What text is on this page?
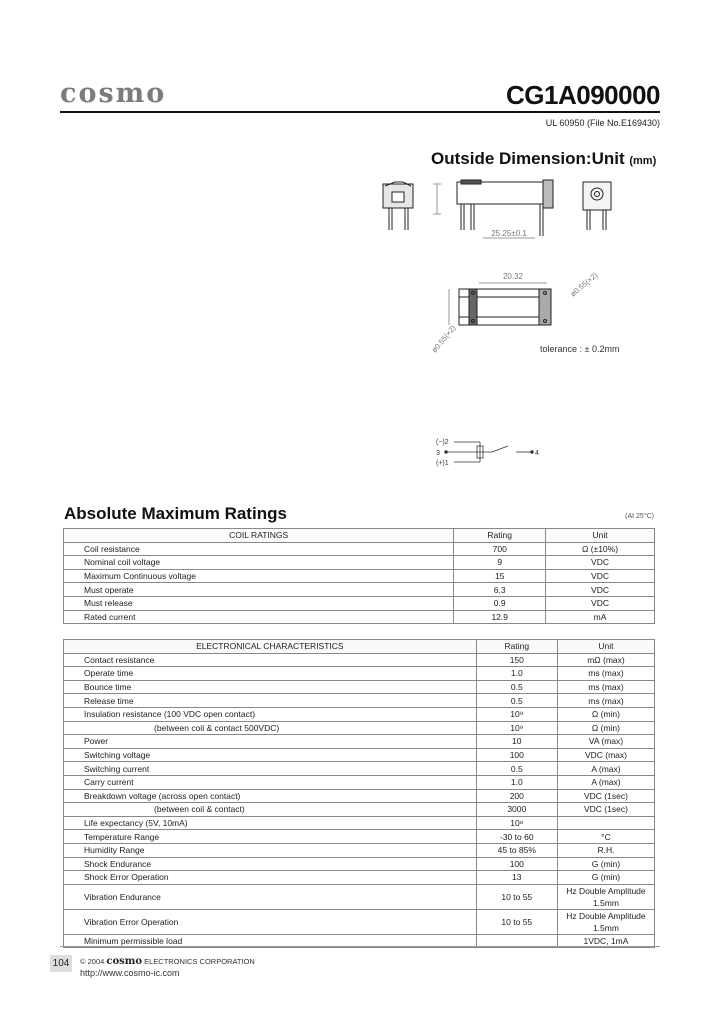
cosmo	CG1A090000
UL 60950 (File No.E169430)
Outside Dimension:Unit (mm)
25.25±0.1
20.32	ø0.55(×2)
ø0.55(×2)	tolerance : ± 0.2mm
(−)2
3
(+)1
4
Absolute Maximum Ratings	(At 25°C)
COIL RATINGS	Rating	Unit
Coil resistance	700	Ω (±10%)
Nominal coil voltage	9	VDC
Maximum Continuous voltage	15	VDC
Must operate	6.3	VDC
Must release	0.9	VDC
Rated current	12.9	mA
ELECTRONICAL CHARACTERISTICS	Rating	Unit
Contact resistance	150	mΩ (max)
Operate time	1.0	ms (max)
Bounce time	0.5	ms (max)
Release time	0.5	ms (max)
Insulation resistance (100 VDC open contact)	10⁹	Ω (min)
(between coil & contact 500VDC)	10⁹	Ω (min)
Power	10	VA (max)
Switching voltage	100	VDC (max)
Switching current	0.5	A (max)
Carry current	1.0	A (max)
Breakdown voltage (across open contact)	200	VDC (1sec)
(between coil & contact)	3000	VDC (1sec)
Life expectancy (5V, 10mA)	10⁸	
Temperature Range	-30 to 60	°C
Humidity Range	45 to 85%	R.H.
Shock Endurance	100	G (min)
Shock Error Operation	13	G (min)
Vibration Endurance	10 to 55	Hz Double Amplitude 1.5mm
Vibration Error Operation	10 to 55	Hz Double Amplitude 1.5mm
Minimum permissible load		1VDC, 1mA
104	© 2004 cosmo ELECTRONICS CORPORATION
http://www.cosmo-ic.com
